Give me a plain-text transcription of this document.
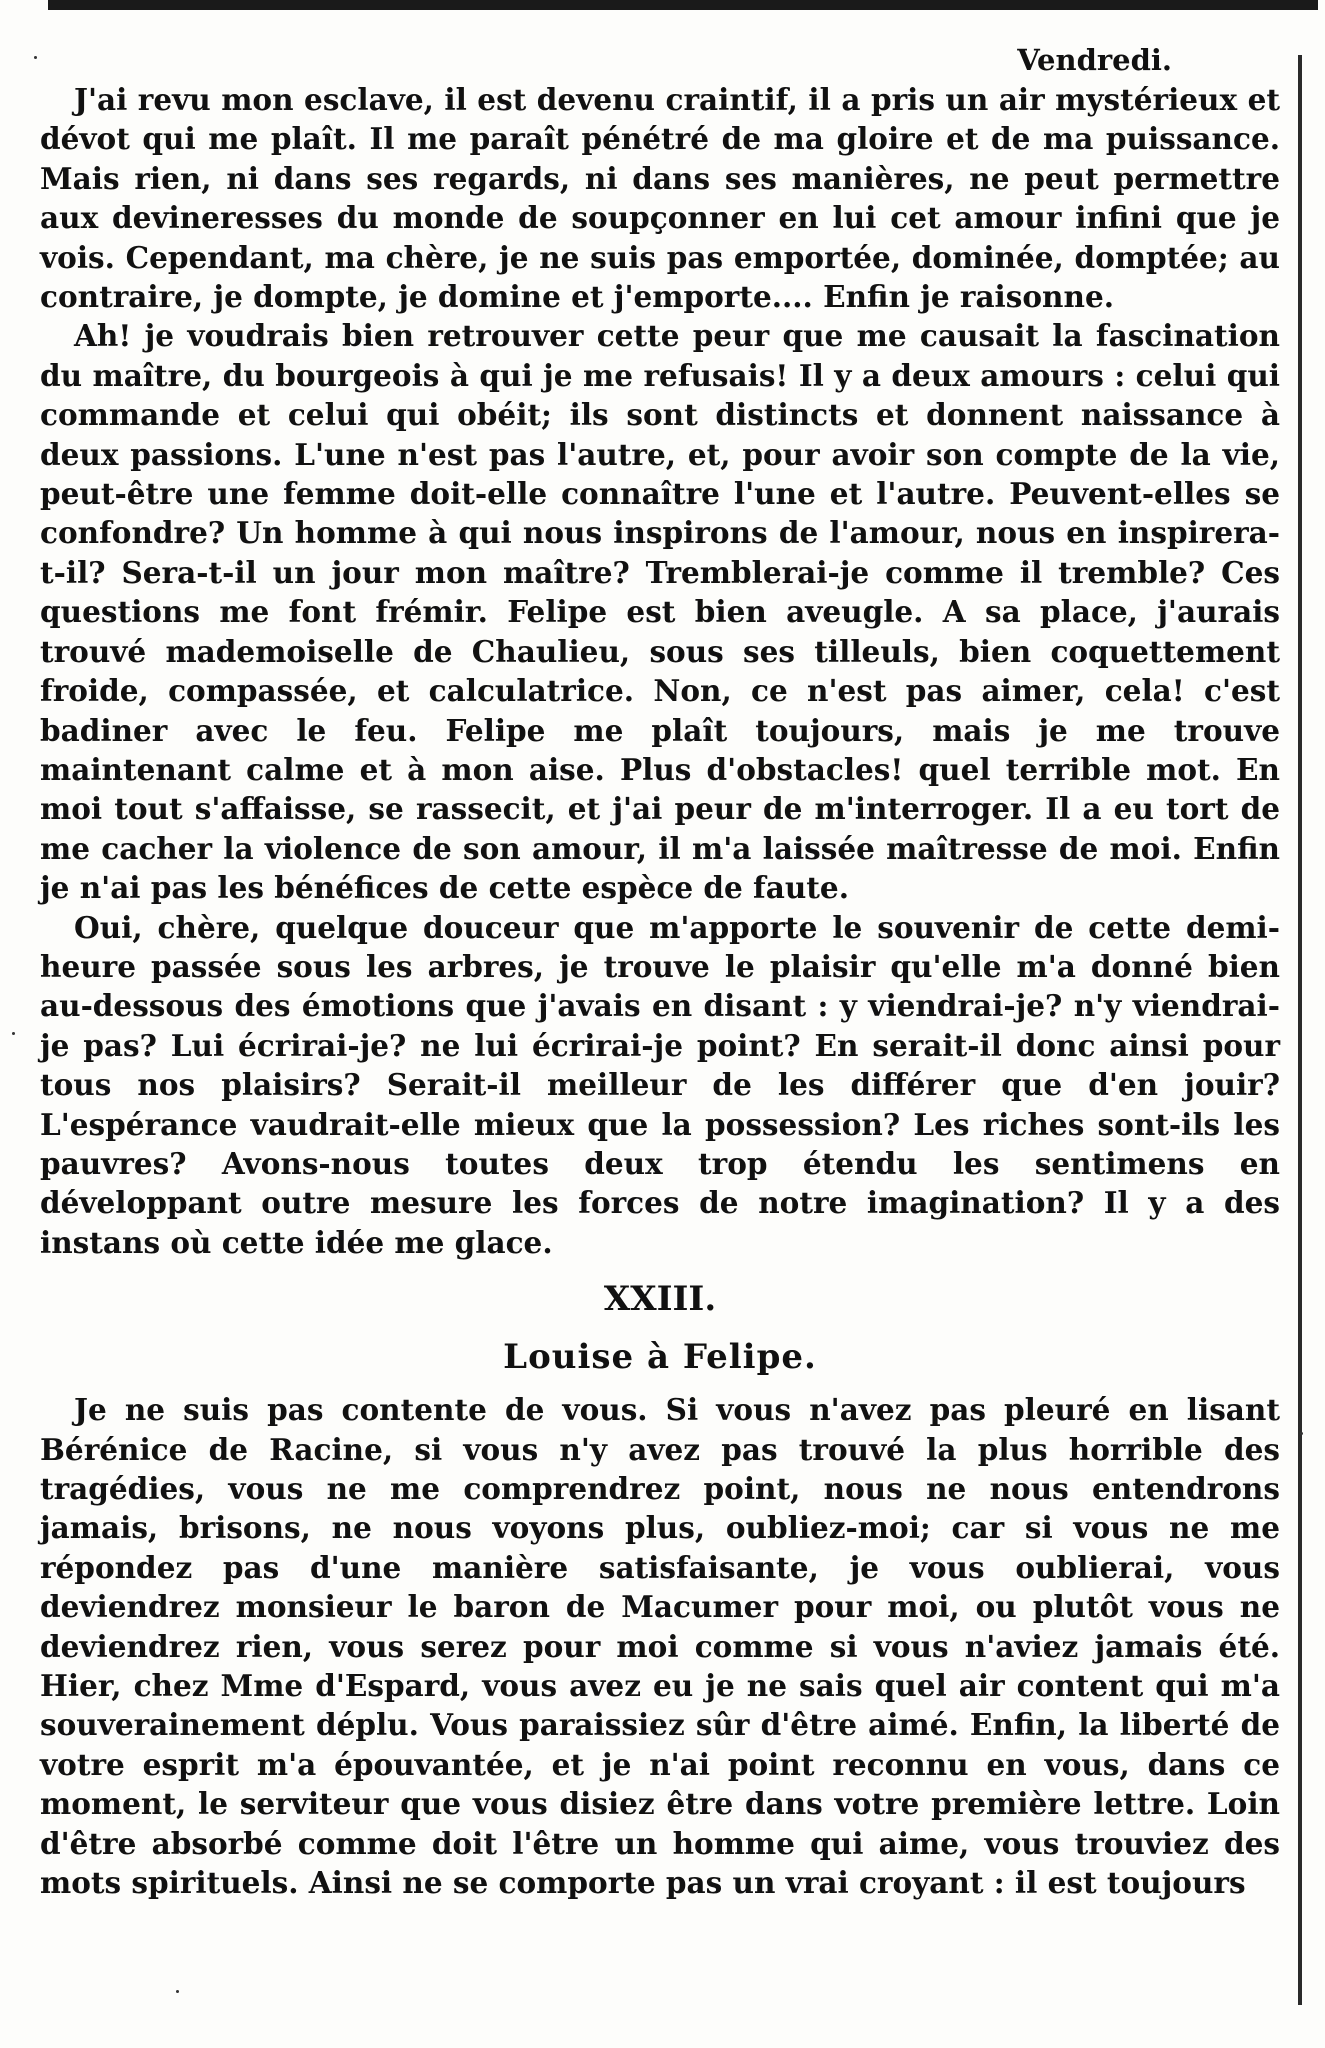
Vendredi.

J'ai revu mon esclave, il est devenu craintif, il a pris un air mystérieux et dévot qui me plaît. Il me paraît pénétré de ma gloire et de ma puissance. Mais rien, ni dans ses regards, ni dans ses manières, ne peut permettre aux devineresses du monde de soupçonner en lui cet amour infini que je vois. Cependant, ma chère, je ne suis pas emportée, dominée, domptée; au contraire, je dompte, je domine et j'emporte.... Enfin je raisonne.

Ah! je voudrais bien retrouver cette peur que me causait la fascination du maître, du bourgeois à qui je me refusais! Il y a deux amours : celui qui commande et celui qui obéit; ils sont distincts et donnent naissance à deux passions. L'une n'est pas l'autre, et, pour avoir son compte de la vie, peut-être une femme doit-elle connaître l'une et l'autre. Peuvent-elles se confondre? Un homme à qui nous inspirons de l'amour, nous en inspirera-t-il? Sera-t-il un jour mon maître? Tremblerai-je comme il tremble? Ces questions me font frémir. Felipe est bien aveugle. A sa place, j'aurais trouvé mademoiselle de Chaulieu, sous ses tilleuls, bien coquettement froide, compassée, et calculatrice. Non, ce n'est pas aimer, cela! c'est badiner avec le feu. Felipe me plaît toujours, mais je me trouve maintenant calme et à mon aise. Plus d'obstacles! quel terrible mot. En moi tout s'affaisse, se rassecit, et j'ai peur de m'interroger. Il a eu tort de me cacher la violence de son amour, il m'a laissée maîtresse de moi. Enfin je n'ai pas les bénéfices de cette espèce de faute.

Oui, chère, quelque douceur que m'apporte le souvenir de cette demi-heure passée sous les arbres, je trouve le plaisir qu'elle m'a donné bien au-dessous des émotions que j'avais en disant : y viendrai-je? n'y viendrai-je pas? Lui écrirai-je? ne lui écrirai-je point? En serait-il donc ainsi pour tous nos plaisirs? Serait-il meilleur de les différer que d'en jouir? L'espérance vaudrait-elle mieux que la possession? Les riches sont-ils les pauvres? Avons-nous toutes deux trop étendu les sentimens en développant outre mesure les forces de notre imagination? Il y a des instans où cette idée me glace.

XXIII.

Louise à Felipe.

Je ne suis pas contente de vous. Si vous n'avez pas pleuré en lisant Bérénice de Racine, si vous n'y avez pas trouvé la plus horrible des tragédies, vous ne me comprendrez point, nous ne nous entendrons jamais, brisons, ne nous voyons plus, oubliez-moi; car si vous ne me répondez pas d'une manière satisfaisante, je vous oublierai, vous deviendrez monsieur le baron de Macumer pour moi, ou plutôt vous ne deviendrez rien, vous serez pour moi comme si vous n'aviez jamais été. Hier, chez Mme d'Espard, vous avez eu je ne sais quel air content qui m'a souverainement déplu. Vous paraissiez sûr d'être aimé. Enfin, la liberté de votre esprit m'a épouvantée, et je n'ai point reconnu en vous, dans ce moment, le serviteur que vous disiez être dans votre première lettre. Loin d'être absorbé comme doit l'être un homme qui aime, vous trouviez des mots spirituels. Ainsi ne se comporte pas un vrai croyant : il est toujours
